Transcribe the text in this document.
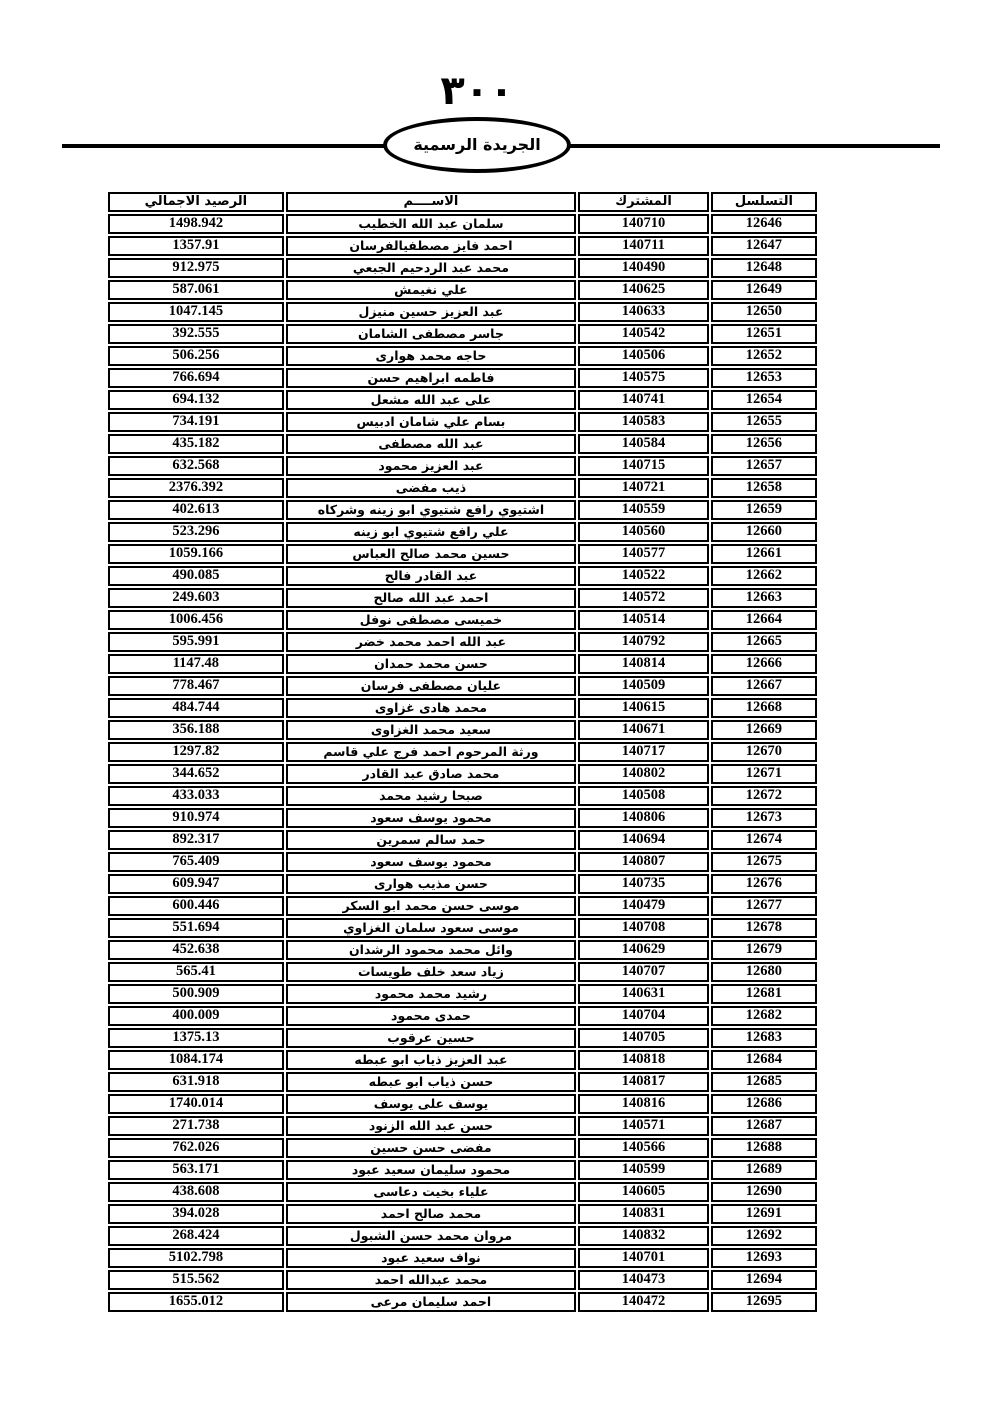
٣٠٠
الجريدة الرسمية
التسلسل	المشترك	الاســــم	الرصيد الاجمالي
12646	140710	سلمان عبد الله الخطيب	1498.942
12647	140711	احمد فايز مصطفيالفرسان	1357.91
12648	140490	محمد عبد الردحيم الجبعي	912.975
12649	140625	علي نغيمش	587.061
12650	140633	عبد العزيز حسين منيزل	1047.145
12651	140542	جاسر مصطفى الشامان	392.555
12652	140506	حاجه محمد هوارى	506.256
12653	140575	فاطمه ابراهيم حسن	766.694
12654	140741	على عبد الله مشعل	694.132
12655	140583	بسام علي شامان ادبيس	734.191
12656	140584	عبد الله مصطفى	435.182
12657	140715	عبد العزيز محمود	632.568
12658	140721	ذيب مفضى	2376.392
12659	140559	اشتيوي رافع شتيوي ابو زينه وشركاه	402.613
12660	140560	علي رافع شتيوي ابو زينه	523.296
12661	140577	حسين محمد صالح العباس	1059.166
12662	140522	عبد القادر فالح	490.085
12663	140572	احمد عبد الله صالح	249.603
12664	140514	خميسى مصطفى نوفل	1006.456
12665	140792	عبد الله احمد محمد خضر	595.991
12666	140814	حسن محمد حمدان	1147.48
12667	140509	عليان مصطفى فرسان	778.467
12668	140615	محمد هادى غزاوى	484.744
12669	140671	سعيد محمد الغزاوى	356.188
12670	140717	ورثة المرحوم احمد فرج علي قاسم	1297.82
12671	140802	محمد صادق عبد القادر	344.652
12672	140508	صبحا رشيد محمد	433.033
12673	140806	محمود يوسف سعود	910.974
12674	140694	حمد سالم سمرين	892.317
12675	140807	محمود يوسف سعود	765.409
12676	140735	حسن مذيب هوارى	609.947
12677	140479	موسى حسن محمد ابو السكر	600.446
12678	140708	موسى سعود سلمان الغزاوي	551.694
12679	140629	وائل محمد محمود الرشدان	452.638
12680	140707	زياد سعد خلف طويسات	565.41
12681	140631	رشيد محمد محمود	500.909
12682	140704	حمدى محمود	400.009
12683	140705	حسين عرقوب	1375.13
12684	140818	عبد العزيز ذياب ابو عبطه	1084.174
12685	140817	حسن ذياب ابو عبطه	631.918
12686	140816	يوسف على يوسف	1740.014
12687	140571	حسن عبد الله الزنود	271.738
12688	140566	مفضى حسن حسين	762.026
12689	140599	محمود سليمان سعيد عبود	563.171
12690	140605	علياء بخيت دعاسى	438.608
12691	140831	محمد صالح احمد	394.028
12692	140832	مروان محمد حسن الشبول	268.424
12693	140701	نواف سعيد عبود	5102.798
12694	140473	محمد عبدالله احمد	515.562
12695	140472	احمد سليمان مرعى	1655.012
